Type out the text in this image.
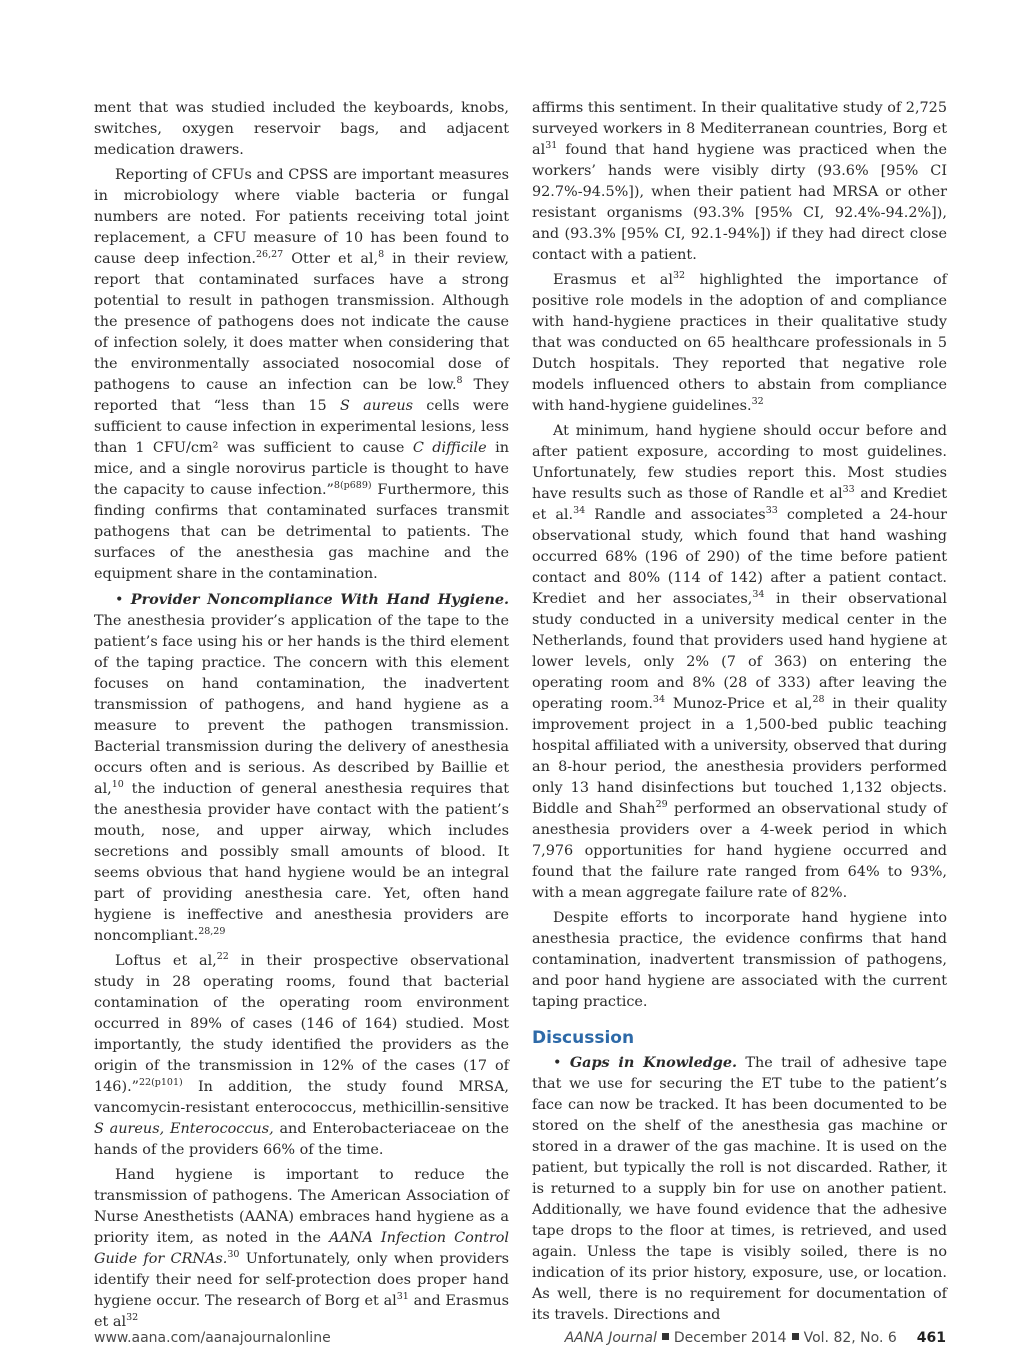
ment that was studied included the keyboards, knobs, switches, oxygen reservoir bags, and adjacent medication drawers.

Reporting of CFUs and CPSS are important measures in microbiology where viable bacteria or fungal numbers are noted. For patients receiving total joint replacement, a CFU measure of 10 has been found to cause deep infection.$^{26,27}$ Otter et al,$^8$ in their review, report that contaminated surfaces have a strong potential to result in pathogen transmission. Although the presence of pathogens does not indicate the cause of infection solely, it does matter when considering that the environmentally associated nosocomial dose of pathogens to cause an infection can be low.$^8$ They reported that “less than 15 S aureus cells were sufficient to cause infection in experimental lesions, less than 1 CFU/cm² was sufficient to cause C difficile in mice, and a single norovirus particle is thought to have the capacity to cause infection.”$^{8(p689)}$ Furthermore, this finding confirms that contaminated surfaces transmit pathogens that can be detrimental to patients. The surfaces of the anesthesia gas machine and the equipment share in the contamination.

• Provider Noncompliance With Hand Hygiene. The anesthesia provider’s application of the tape to the patient’s face using his or her hands is the third element of the taping practice. The concern with this element focuses on hand contamination, the inadvertent transmission of pathogens, and hand hygiene as a measure to prevent the pathogen transmission. Bacterial transmission during the delivery of anesthesia occurs often and is serious. As described by Baillie et al,$^{10}$ the induction of general anesthesia requires that the anesthesia provider have contact with the patient’s mouth, nose, and upper airway, which includes secretions and possibly small amounts of blood. It seems obvious that hand hygiene would be an integral part of providing anesthesia care. Yet, often hand hygiene is ineffective and anesthesia providers are noncompliant.$^{28,29}$

Loftus et al,$^{22}$ in their prospective observational study in 28 operating rooms, found that bacterial contamination of the operating room environment occurred in 89% of cases (146 of 164) studied. Most importantly, the study identified the providers as the origin of the transmission in 12% of the cases (17 of 146).”$^{22(p101)}$ In addition, the study found MRSA, vancomycin-resistant enterococcus, methicillin-sensitive S aureus, Enterococcus, and Enterobacteriaceae on the hands of the providers 66% of the time.

Hand hygiene is important to reduce the transmission of pathogens. The American Association of Nurse Anesthetists (AANA) embraces hand hygiene as a priority item, as noted in the AANA Infection Control Guide for CRNAs.$^{30}$ Unfortunately, only when providers identify their need for self-protection does proper hand hygiene occur. The research of Borg et $al^{31}$ and Erasmus et $al^{32}$

affirms this sentiment. In their qualitative study of 2,725 surveyed workers in 8 Mediterranean countries, Borg et $al^{31}$ found that hand hygiene was practiced when the workers’ hands were visibly dirty (93.6% [95% CI 92.7%-94.5%]), when their patient had MRSA or other resistant organisms (93.3% [95% CI, 92.4%-94.2%]), and (93.3% [95% CI, 92.1-94%]) if they had direct close contact with a patient.

Erasmus et $al^{32}$ highlighted the importance of positive role models in the adoption of and compliance with hand-hygiene practices in their qualitative study that was conducted on 65 healthcare professionals in 5 Dutch hospitals. They reported that negative role models influenced others to abstain from compliance with hand-hygiene guidelines.$^{32}$

At minimum, hand hygiene should occur before and after patient exposure, according to most guidelines. Unfortunately, few studies report this. Most studies have results such as those of Randle et $al^{33}$ and Krediet et al.$^{34}$ Randle and associates$^{33}$ completed a 24-hour observational study, which found that hand washing occurred 68% (196 of 290) of the time before patient contact and 80% (114 of 142) after a patient contact. Krediet and her associates,$^{34}$ in their observational study conducted in a university medical center in the Netherlands, found that providers used hand hygiene at lower levels, only 2% (7 of 363) on entering the operating room and 8% (28 of 333) after leaving the operating room.$^{34}$ Munoz-Price et al,$^{28}$ in their quality improvement project in a 1,500-bed public teaching hospital affiliated with a university, observed that during an 8-hour period, the anesthesia providers performed only 13 hand disinfections but touched 1,132 objects. Biddle and Shah$^{29}$ performed an observational study of anesthesia providers over a 4-week period in which 7,976 opportunities for hand hygiene occurred and found that the failure rate ranged from 64% to 93%, with a mean aggregate failure rate of 82%.

Despite efforts to incorporate hand hygiene into anesthesia practice, the evidence confirms that hand contamination, inadvertent transmission of pathogens, and poor hand hygiene are associated with the current taping practice.

Discussion

• Gaps in Knowledge. The trail of adhesive tape that we use for securing the ET tube to the patient’s face can now be tracked. It has been documented to be stored on the shelf of the anesthesia gas machine or stored in a drawer of the gas machine. It is used on the patient, but typically the roll is not discarded. Rather, it is returned to a supply bin for use on another patient. Additionally, we have found evidence that the adhesive tape drops to the floor at times, is retrieved, and used again. Unless the tape is visibly soiled, there is no indication of its prior history, exposure, use, or location. As well, there is no requirement for documentation of its travels. Directions and

www.aana.com/aanajournalonline	AANA Journal December 2014 Vol. 82, No. 6 461
